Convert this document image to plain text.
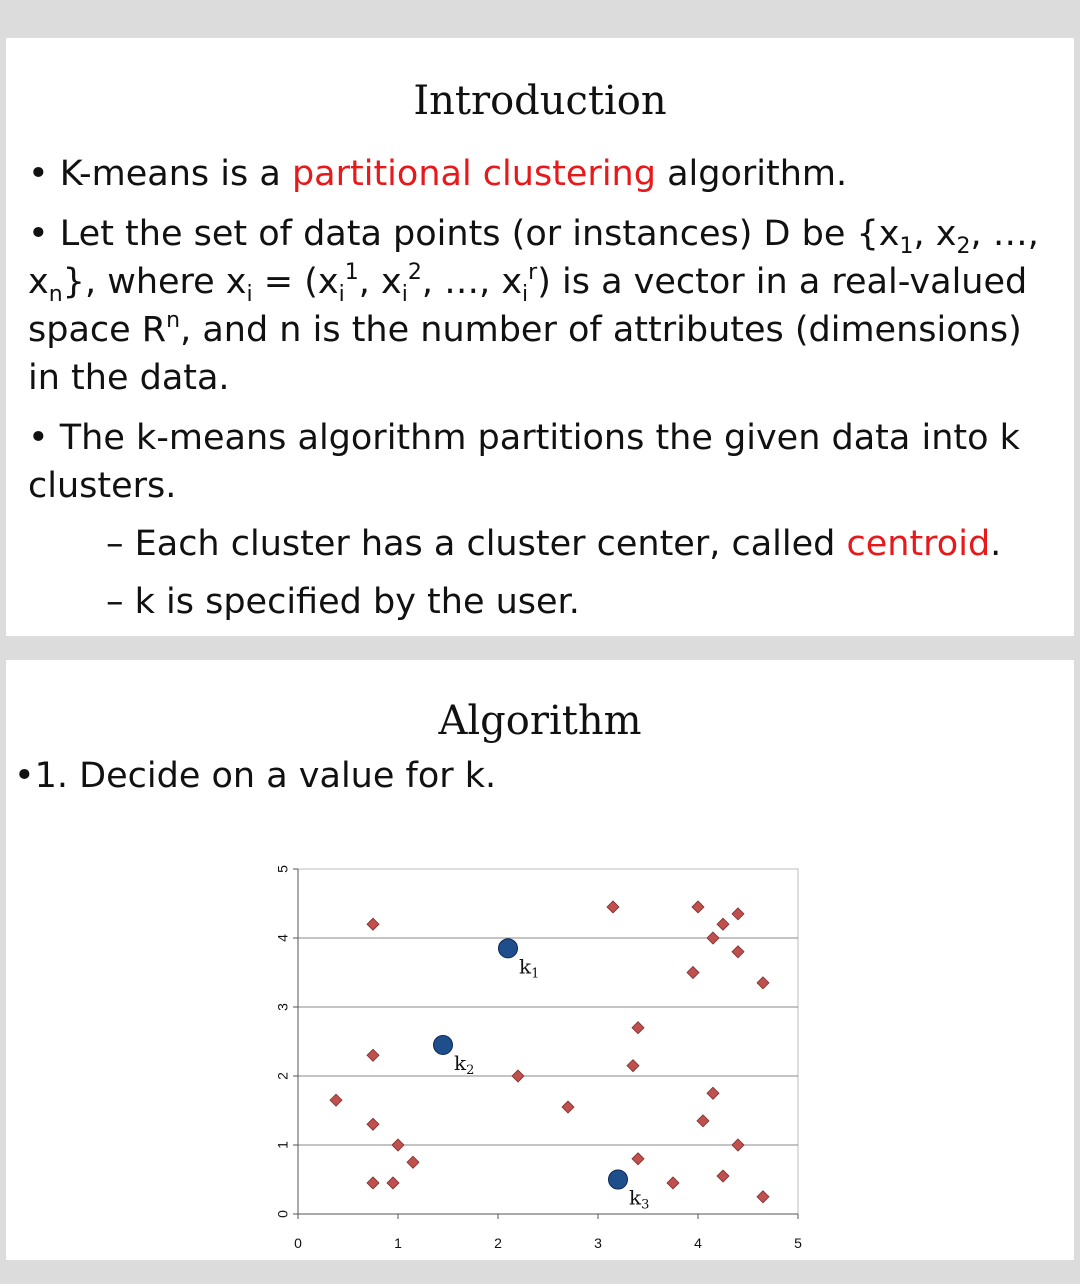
Introduction
• K-means is a partitional clustering algorithm.
• Let the set of data points (or instances) D be {$x_1$, $x_2$, …,
$x_n$}, where $x_i = (x_i^1$, $x_i^2$, …, $x_i^r$) is a vector in a real-valued
space $R^n$, and n is the number of attributes (dimensions)
in the data.
• The k-means algorithm partitions the given data into k
clusters.
– Each cluster has a cluster center, called centroid.
– k is specified by the user.
Algorithm
•1. Decide on a value for k.
0
1
2
3
4
5
0	1	2	3	4	5
$k_1$
$k_2$
$k_3$
